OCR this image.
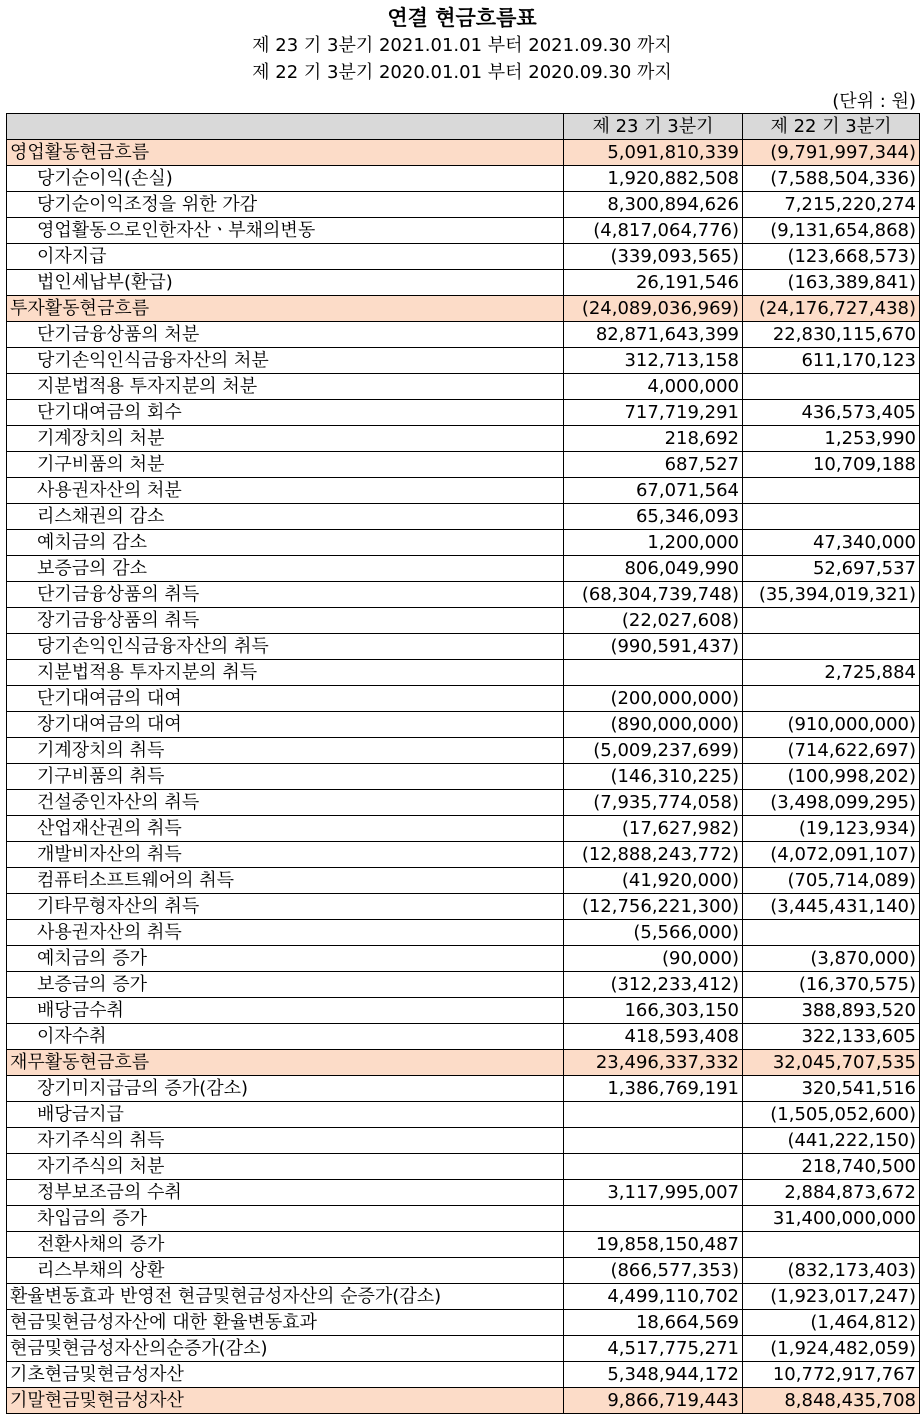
연결 현금흐름표
제 23 기 3분기 2021.01.01 부터 2021.09.30 까지
제 22 기 3분기 2020.01.01 부터 2020.09.30 까지
(단위 : 원)
	제 23 기 3분기	제 22 기 3분기
영업활동현금흐름	5,091,810,339	(9,791,997,344)
당기순이익(손실)	1,920,882,508	(7,588,504,336)
당기순이익조정을 위한 가감	8,300,894,626	7,215,220,274
영업활동으로인한자산ㆍ부채의변동	(4,817,064,776)	(9,131,654,868)
이자지급	(339,093,565)	(123,668,573)
법인세납부(환급)	26,191,546	(163,389,841)
투자활동현금흐름	(24,089,036,969)	(24,176,727,438)
단기금융상품의 처분	82,871,643,399	22,830,115,670
당기손익인식금융자산의 처분	312,713,158	611,170,123
지분법적용 투자지분의 처분	4,000,000	
단기대여금의 회수	717,719,291	436,573,405
기계장치의 처분	218,692	1,253,990
기구비품의 처분	687,527	10,709,188
사용권자산의 처분	67,071,564	
리스채권의 감소	65,346,093	
예치금의 감소	1,200,000	47,340,000
보증금의 감소	806,049,990	52,697,537
단기금융상품의 취득	(68,304,739,748)	(35,394,019,321)
장기금융상품의 취득	(22,027,608)	
당기손익인식금융자산의 취득	(990,591,437)	
지분법적용 투자지분의 취득		2,725,884
단기대여금의 대여	(200,000,000)	
장기대여금의 대여	(890,000,000)	(910,000,000)
기계장치의 취득	(5,009,237,699)	(714,622,697)
기구비품의 취득	(146,310,225)	(100,998,202)
건설중인자산의 취득	(7,935,774,058)	(3,498,099,295)
산업재산권의 취득	(17,627,982)	(19,123,934)
개발비자산의 취득	(12,888,243,772)	(4,072,091,107)
컴퓨터소프트웨어의 취득	(41,920,000)	(705,714,089)
기타무형자산의 취득	(12,756,221,300)	(3,445,431,140)
사용권자산의 취득	(5,566,000)	
예치금의 증가	(90,000)	(3,870,000)
보증금의 증가	(312,233,412)	(16,370,575)
배당금수취	166,303,150	388,893,520
이자수취	418,593,408	322,133,605
재무활동현금흐름	23,496,337,332	32,045,707,535
장기미지급금의 증가(감소)	1,386,769,191	320,541,516
배당금지급		(1,505,052,600)
자기주식의 취득		(441,222,150)
자기주식의 처분		218,740,500
정부보조금의 수취	3,117,995,007	2,884,873,672
차입금의 증가		31,400,000,000
전환사채의 증가	19,858,150,487	
리스부채의 상환	(866,577,353)	(832,173,403)
환율변동효과 반영전 현금및현금성자산의 순증가(감소)	4,499,110,702	(1,923,017,247)
현금및현금성자산에 대한 환율변동효과	18,664,569	(1,464,812)
현금및현금성자산의순증가(감소)	4,517,775,271	(1,924,482,059)
기초현금및현금성자산	5,348,944,172	10,772,917,767
기말현금및현금성자산	9,866,719,443	8,848,435,708
